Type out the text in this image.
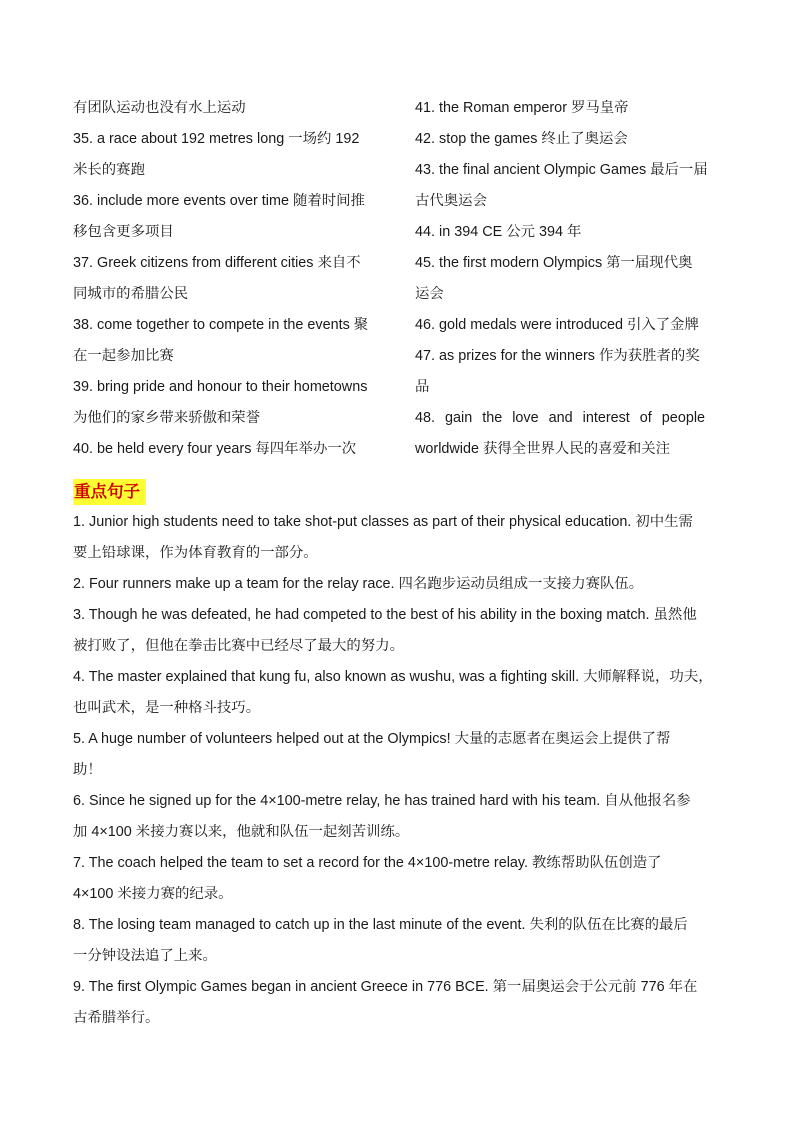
有团队运动也没有水上运动
35. a race about 192 metres long 一场约 192
米长的赛跑
36. include more events over time 随着时间推
移包含更多项目
37. Greek citizens from different cities 来自不
同城市的希腊公民
38. come together to compete in the events 聚
在一起参加比赛
39. bring pride and honour to their hometowns
为他们的家乡带来骄傲和荣誉
40. be held every four years 每四年举办一次
41. the Roman emperor 罗马皇帝
42. stop the games 终止了奥运会
43. the final ancient Olympic Games 最后一届
古代奥运会
44. in 394 CE 公元 394 年
45. the first modern Olympics 第一届现代奥
运会
46. gold medals were introduced 引入了金牌
47. as prizes for the winners 作为获胜者的奖
品
48. gain the love and interest of people
worldwide 获得全世界人民的喜爱和关注
重点句子
1. Junior high students need to take shot-put classes as part of their physical education. 初中生需
要上铅球课，作为体育教育的一部分。
2. Four runners make up a team for the relay race. 四名跑步运动员组成一支接力赛队伍。
3. Though he was defeated, he had competed to the best of his ability in the boxing match. 虽然他
被打败了，但他在拳击比赛中已经尽了最大的努力。
4. The master explained that kung fu, also known as wushu, was a fighting skill. 大师解释说，功夫，
也叫武术，是一种格斗技巧。
5. A huge number of volunteers helped out at the Olympics! 大量的志愿者在奥运会上提供了帮
助！
6. Since he signed up for the 4×100-metre relay, he has trained hard with his team. 自从他报名参
加 4×100 米接力赛以来，他就和队伍一起刻苦训练。
7. The coach helped the team to set a record for the 4×100-metre relay. 教练帮助队伍创造了
4×100 米接力赛的纪录。
8. The losing team managed to catch up in the last minute of the event. 失利的队伍在比赛的最后
一分钟设法追了上来。
9. The first Olympic Games began in ancient Greece in 776 BCE. 第一届奥运会于公元前 776 年在
古希腊举行。
